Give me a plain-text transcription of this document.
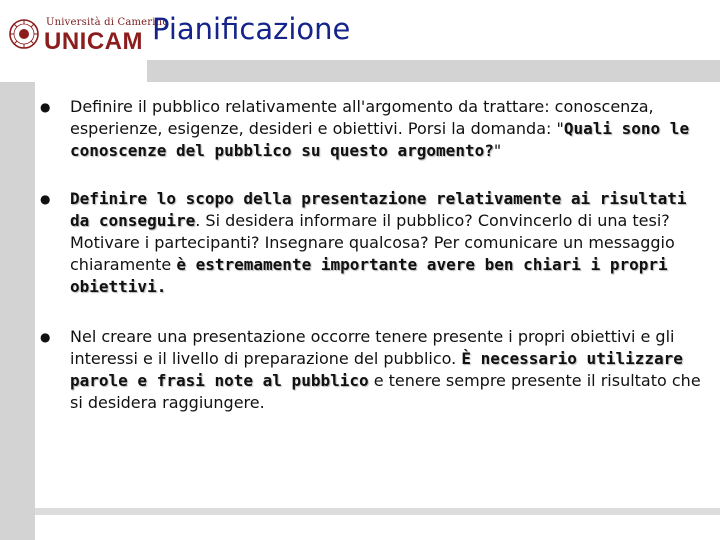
Università di Camerino
UNICAM Pianificazione
● Definire il pubblico relativamente all'argomento da trattare: conoscenza, esperienze, esigenze, desideri e obiettivi. Porsi la domanda: "Quali sono le conoscenze del pubblico su questo argomento?"
● Definire lo scopo della presentazione relativamente ai risultati da conseguire. Si desidera informare il pubblico? Convincerlo di una tesi? Motivare i partecipanti? Insegnare qualcosa? Per comunicare un messaggio chiaramente è estremamente importante avere ben chiari i propri obiettivi.
● Nel creare una presentazione occorre tenere presente i propri obiettivi e gli interessi e il livello di preparazione del pubblico. È necessario utilizzare parole e frasi note al pubblico e tenere sempre presente il risultato che si desidera raggiungere.
